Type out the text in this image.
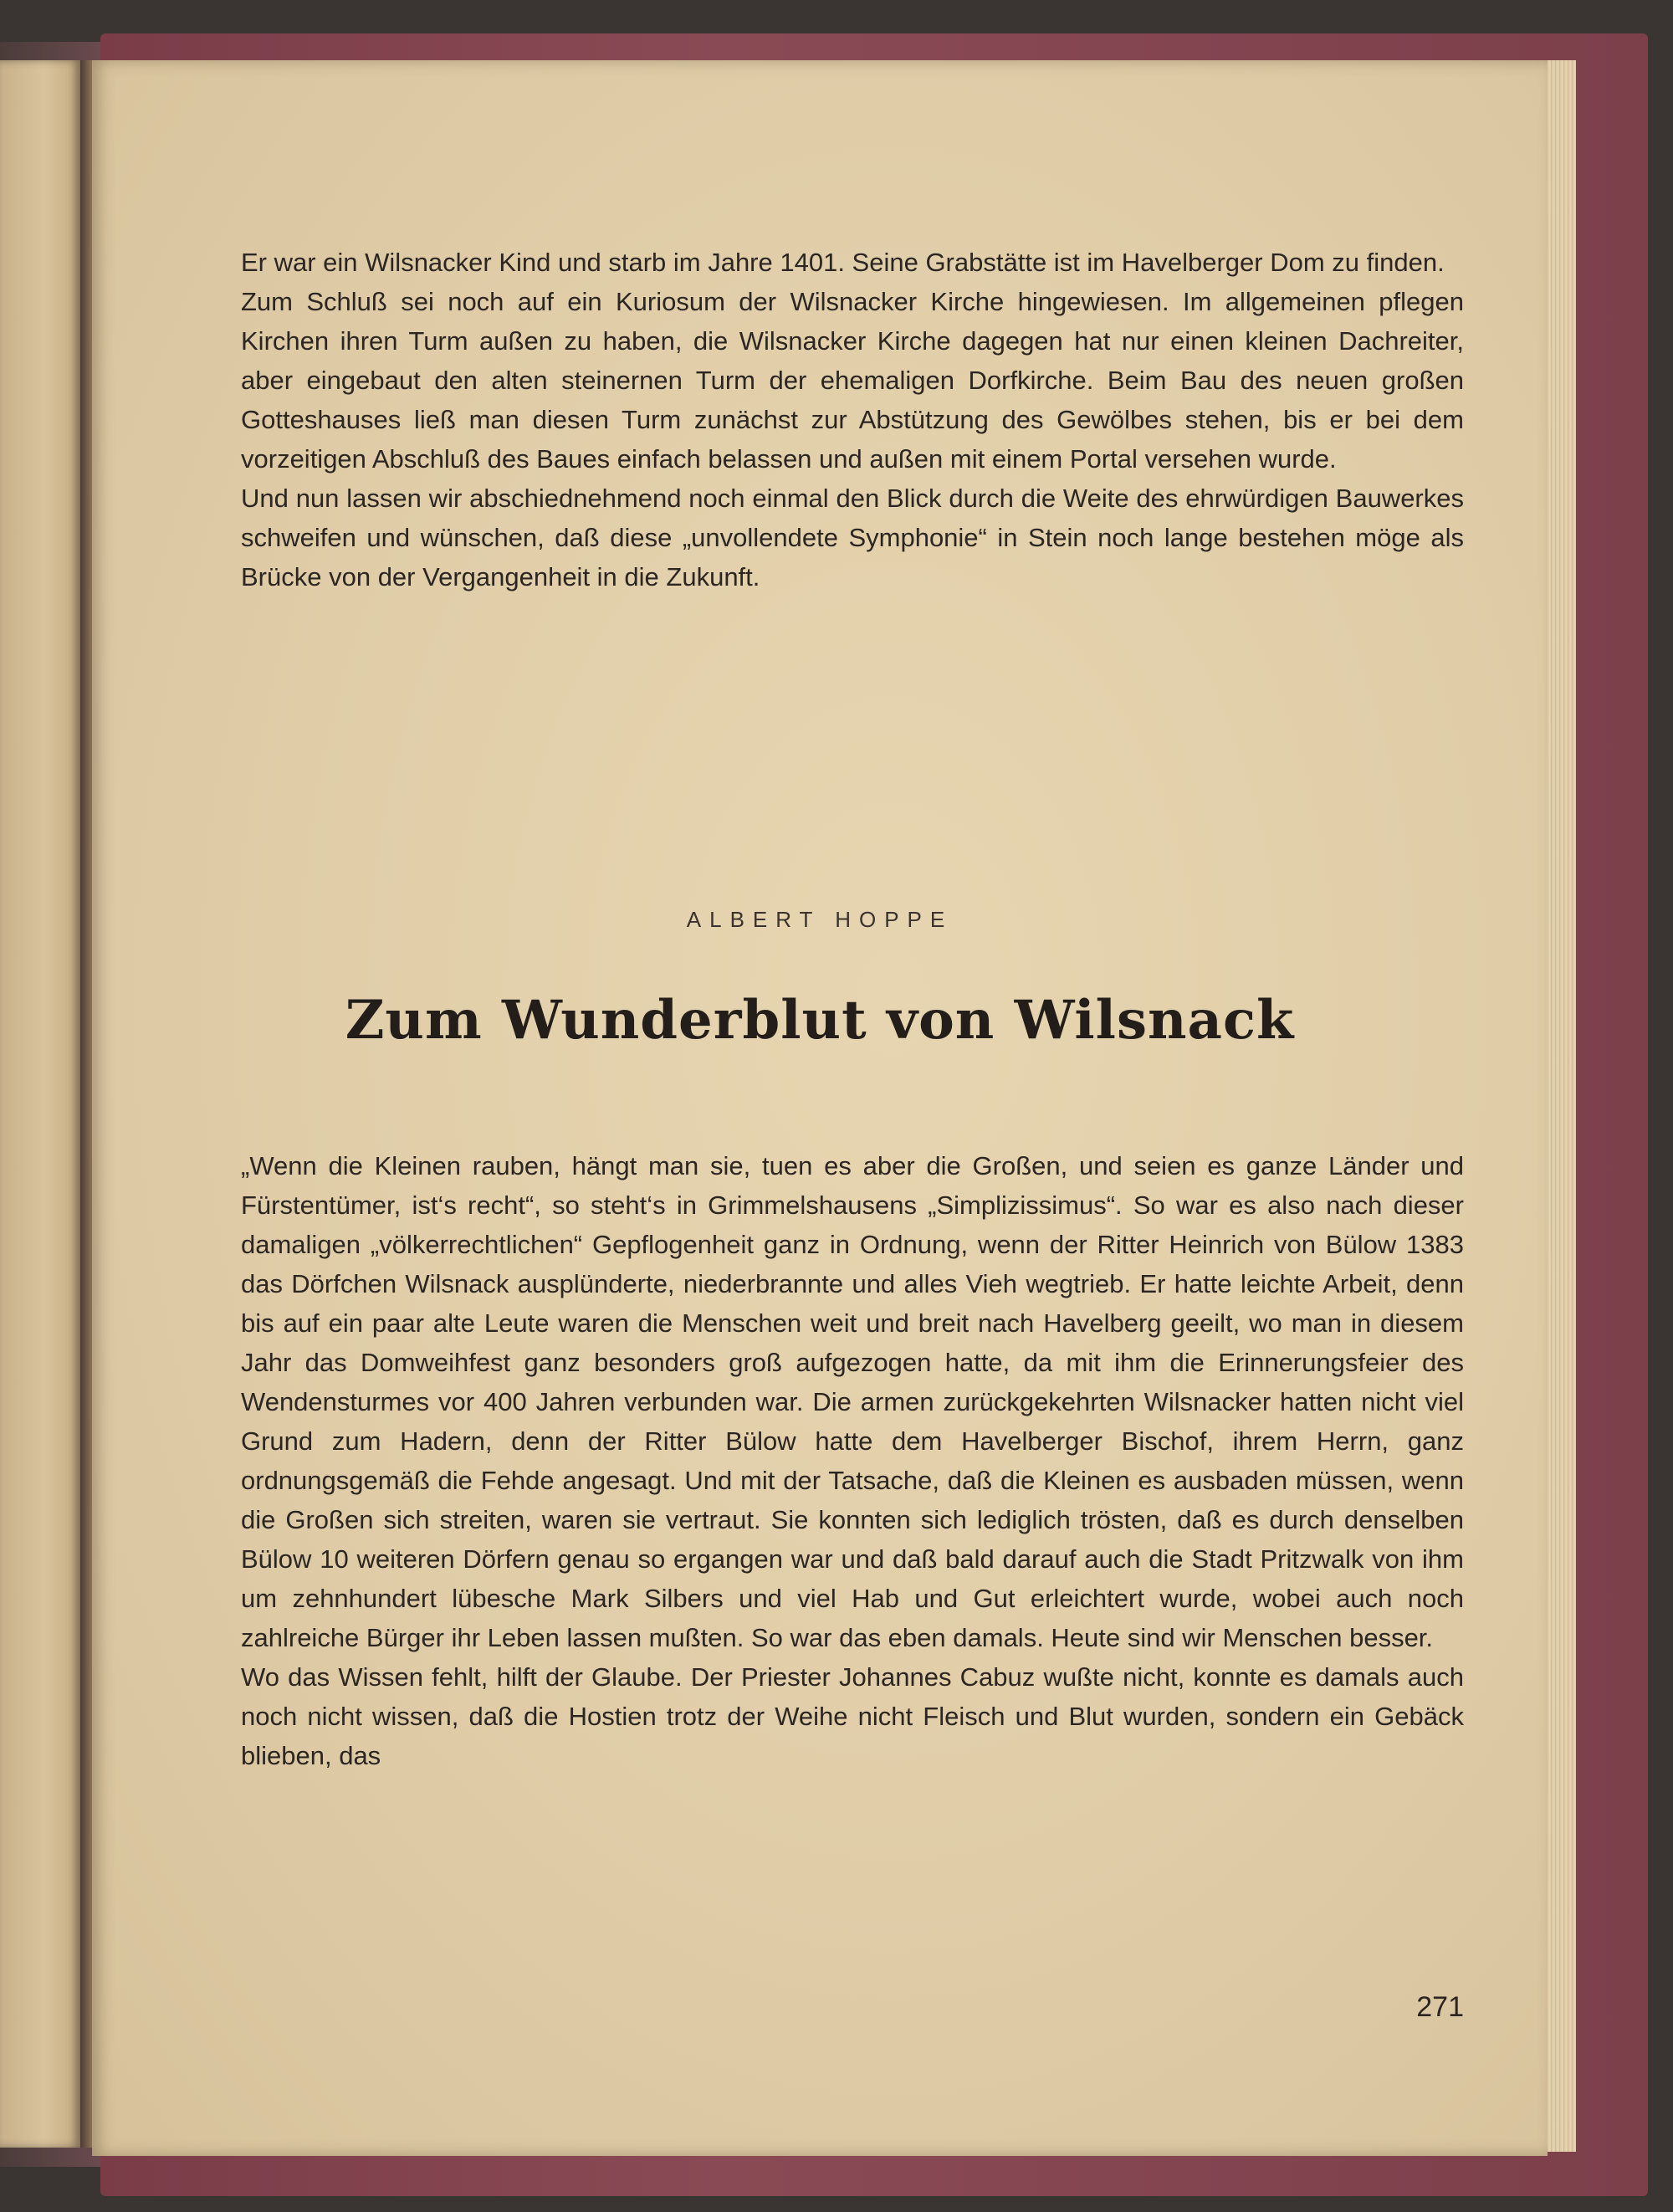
Er war ein Wilsnacker Kind und starb im Jahre 1401. Seine Grabstätte ist im Havelberger Dom zu finden.

Zum Schluß sei noch auf ein Kuriosum der Wilsnacker Kirche hingewiesen. Im allgemeinen pflegen Kirchen ihren Turm außen zu haben, die Wilsnacker Kirche dagegen hat nur einen kleinen Dachreiter, aber eingebaut den alten steinernen Turm der ehemaligen Dorfkirche. Beim Bau des neuen großen Gotteshauses ließ man diesen Turm zunächst zur Abstützung des Gewölbes stehen, bis er bei dem vorzeitigen Abschluß des Baues einfach belassen und außen mit einem Portal versehen wurde.

Und nun lassen wir abschiednehmend noch einmal den Blick durch die Weite des ehrwürdigen Bauwerkes schweifen und wünschen, daß diese „unvollendete Symphonie“ in Stein noch lange bestehen möge als Brücke von der Vergangenheit in die Zukunft.

ALBERT HOPPE
Zum Wunderblut von Wilsnack

„Wenn die Kleinen rauben, hängt man sie, tuen es aber die Großen, und seien es ganze Länder und Fürstentümer, ist‘s recht“, so steht‘s in Grimmelshausens „Simplizissimus“. So war es also nach dieser damaligen „völkerrechtlichen“ Gepflogenheit ganz in Ordnung, wenn der Ritter Heinrich von Bülow 1383 das Dörfchen Wilsnack ausplünderte, niederbrannte und alles Vieh wegtrieb. Er hatte leichte Arbeit, denn bis auf ein paar alte Leute waren die Menschen weit und breit nach Havelberg geeilt, wo man in diesem Jahr das Domweihfest ganz besonders groß aufgezogen hatte, da mit ihm die Erinnerungsfeier des Wendensturmes vor 400 Jahren verbunden war. Die armen zurückgekehrten Wilsnacker hatten nicht viel Grund zum Hadern, denn der Ritter Bülow hatte dem Havelberger Bischof, ihrem Herrn, ganz ordnungsgemäß die Fehde angesagt. Und mit der Tatsache, daß die Kleinen es ausbaden müssen, wenn die Großen sich streiten, waren sie vertraut. Sie konnten sich lediglich trösten, daß es durch denselben Bülow 10 weiteren Dörfern genau so ergangen war und daß bald darauf auch die Stadt Pritzwalk von ihm um zehnhundert lübesche Mark Silbers und viel Hab und Gut erleichtert wurde, wobei auch noch zahlreiche Bürger ihr Leben lassen mußten. So war das eben damals. Heute sind wir Menschen besser.

Wo das Wissen fehlt, hilft der Glaube. Der Priester Johannes Cabuz wußte nicht, konnte es damals auch noch nicht wissen, daß die Hostien trotz der Weihe nicht Fleisch und Blut wurden, sondern ein Gebäck blieben, das

271
